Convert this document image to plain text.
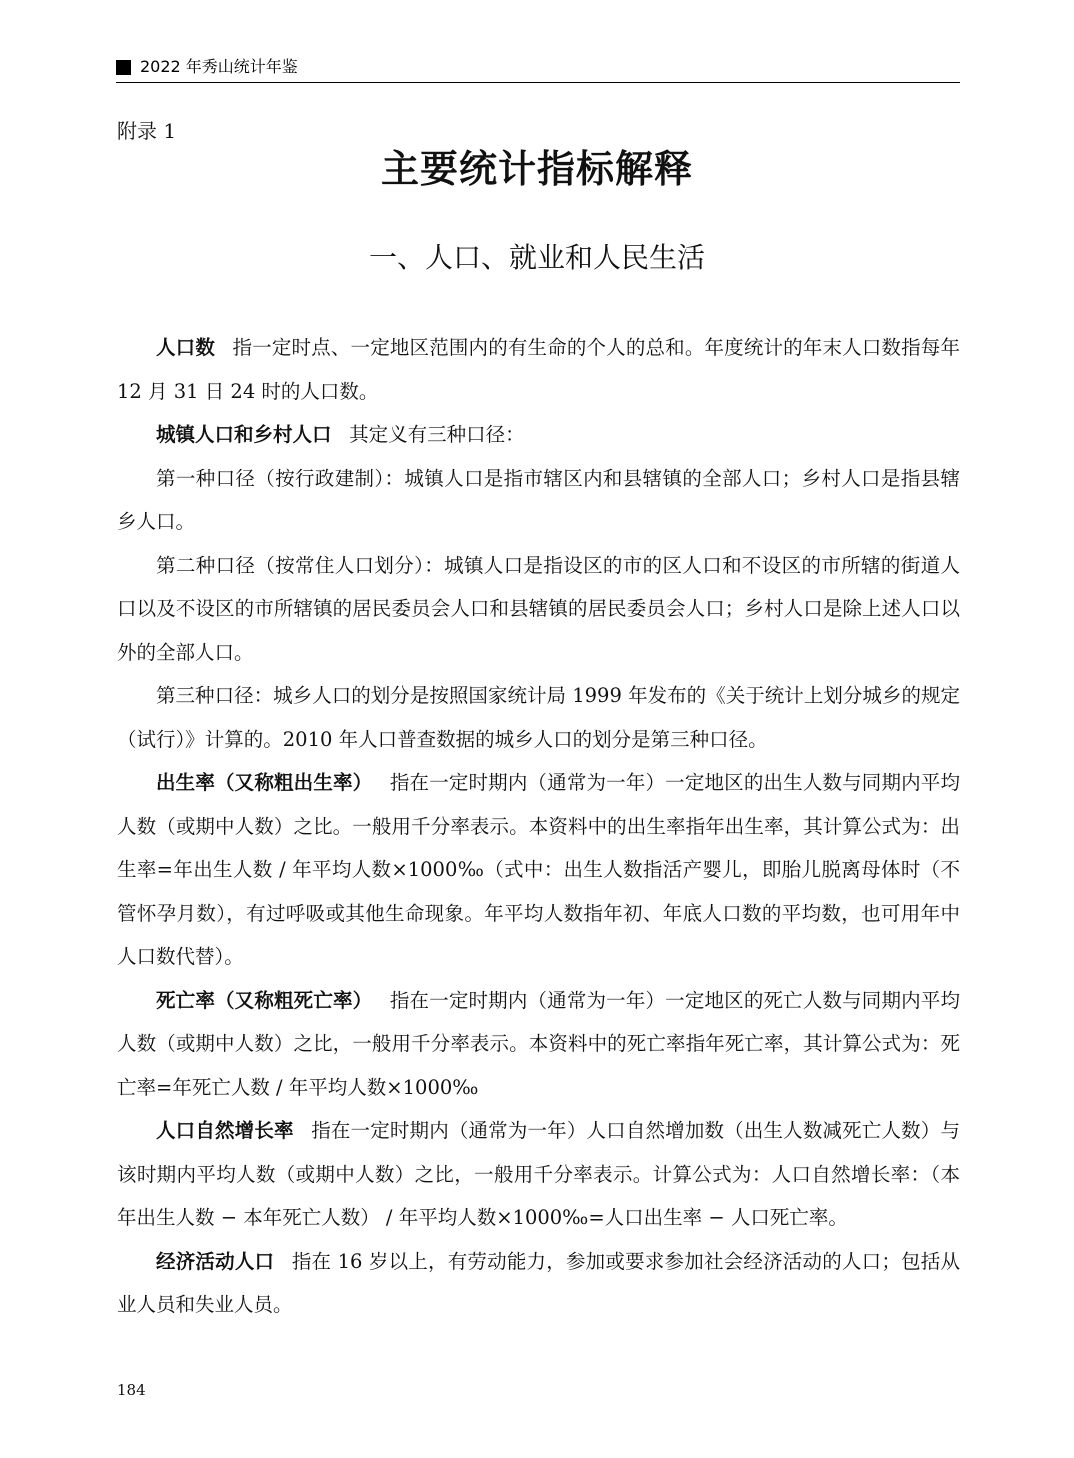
2022 年秀山统计年鉴
附录 1
主要统计指标解释
一、人口、就业和人民生活

人口数 指一定时点、一定地区范围内的有生命的个人的总和。年度统计的年末人口数指每年 12 月 31 日 24 时的人口数。

城镇人口和乡村人口 其定义有三种口径：

第一种口径（按行政建制）：城镇人口是指市辖区内和县辖镇的全部人口；乡村人口是指县辖乡人口。

第二种口径（按常住人口划分）：城镇人口是指设区的市的区人口和不设区的市所辖的街道人口以及不设区的市所辖镇的居民委员会人口和县辖镇的居民委员会人口；乡村人口是除上述人口以外的全部人口。

第三种口径：城乡人口的划分是按照国家统计局 1999 年发布的《关于统计上划分城乡的规定（试行）》计算的。2010 年人口普查数据的城乡人口的划分是第三种口径。

出生率（又称粗出生率） 指在一定时期内（通常为一年）一定地区的出生人数与同期内平均人数（或期中人数）之比。一般用千分率表示。本资料中的出生率指年出生率，其计算公式为：出生率=年出生人数 / 年平均人数×1000‰（式中：出生人数指活产婴儿，即胎儿脱离母体时（不管怀孕月数），有过呼吸或其他生命现象。年平均人数指年初、年底人口数的平均数，也可用年中人口数代替）。

死亡率（又称粗死亡率） 指在一定时期内（通常为一年）一定地区的死亡人数与同期内平均人数（或期中人数）之比，一般用千分率表示。本资料中的死亡率指年死亡率，其计算公式为：死亡率=年死亡人数 / 年平均人数×1000‰

人口自然增长率 指在一定时期内（通常为一年）人口自然增加数（出生人数减死亡人数）与该时期内平均人数（或期中人数）之比，一般用千分率表示。计算公式为：人口自然增长率：（本年出生人数 − 本年死亡人数） / 年平均人数×1000‰=人口出生率 − 人口死亡率。

经济活动人口 指在 16 岁以上，有劳动能力，参加或要求参加社会经济活动的人口；包括从业人员和失业人员。

184
